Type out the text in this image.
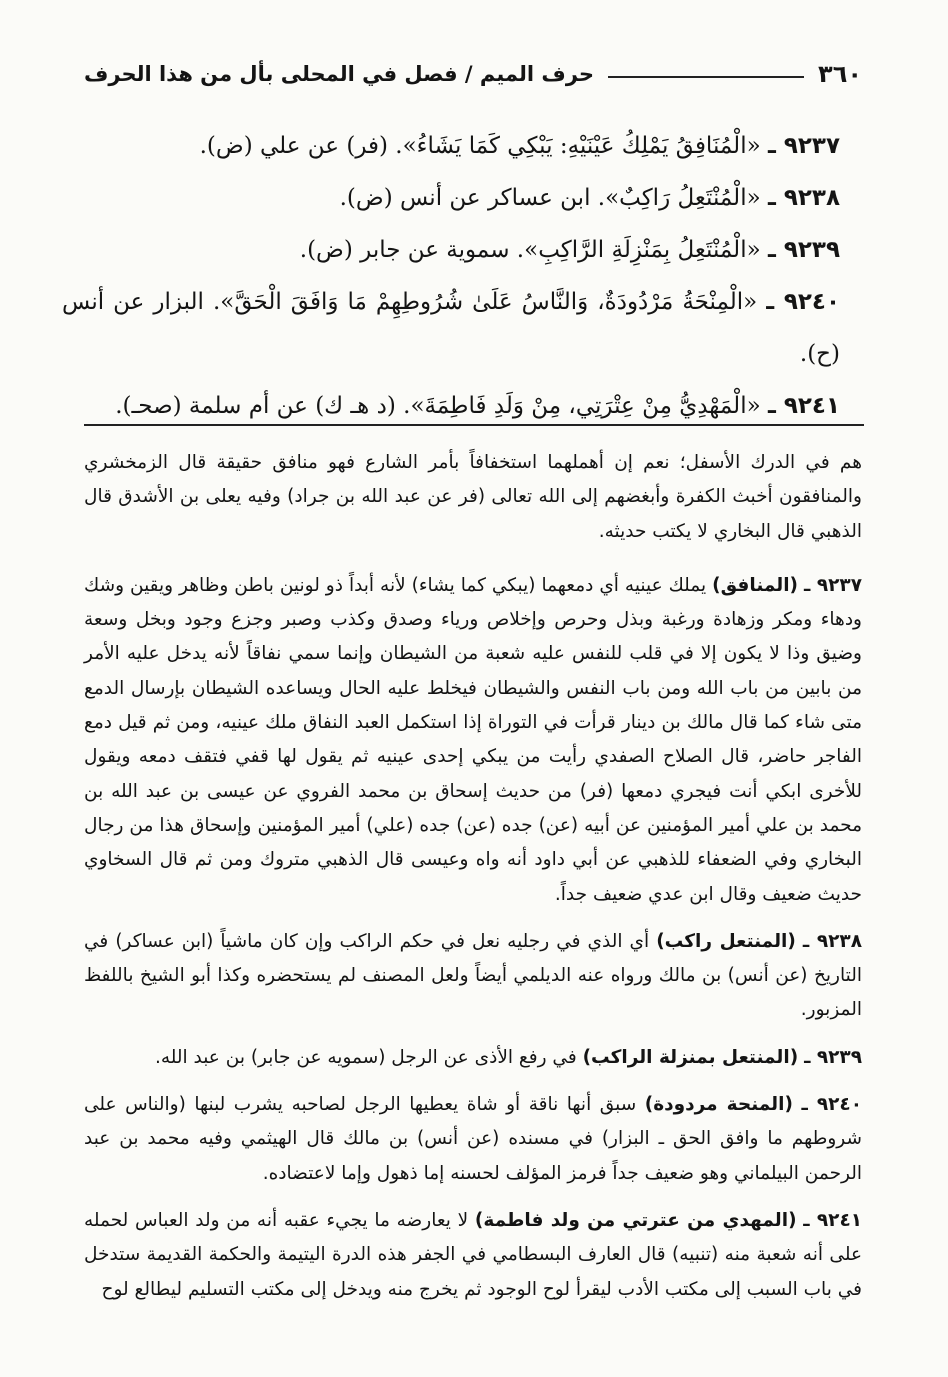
٣٦٠
حرف الميم / فصل في المحلى بأل من هذا الحرف
٩٢٣٧ ـ «الْمُنَافِقُ يَمْلِكُ عَيْنَيْهِ: يَبْكِي كَمَا يَشَاءُ». (فر) عن علي (ض).
٩٢٣٨ ـ «الْمُنْتَعِلُ رَاكِبٌ». ابن عساكر عن أنس (ض).
٩٢٣٩ ـ «الْمُنْتَعِلُ بِمَنْزِلَةِ الرَّاكِبِ». سموية عن جابر (ض).
٩٢٤٠ ـ «الْمِنْحَةُ مَرْدُودَةٌ، وَالنَّاسُ عَلَىٰ شُرُوطِهِمْ مَا وَافَقَ الْحَقَّ». البزار عن أنس (ح).
٩٢٤١ ـ «الْمَهْدِيُّ مِنْ عِتْرَتِي، مِنْ وَلَدِ فَاطِمَةَ». (د هـ ك) عن أم سلمة (صحـ).

هم في الدرك الأسفل؛ نعم إن أهملهما استخفافاً بأمر الشارع فهو منافق حقيقة قال الزمخشري والمنافقون أخبث الكفرة وأبغضهم إلى الله تعالى (فر عن عبد الله بن جراد) وفيه يعلى بن الأشدق قال الذهبي قال البخاري لا يكتب حديثه.

٩٢٣٧ ـ (المنافق) يملك عينيه أي دمعهما (يبكي كما يشاء) لأنه أبداً ذو لونين باطن وظاهر ويقين وشك ودهاء ومكر وزهادة ورغبة وبذل وحرص وإخلاص ورياء وصدق وكذب وصبر وجزع وجود وبخل وسعة وضيق وذا لا يكون إلا في قلب للنفس عليه شعبة من الشيطان وإنما سمي نفاقاً لأنه يدخل عليه الأمر من بابين من باب الله ومن باب النفس والشيطان فيخلط عليه الحال ويساعده الشيطان بإرسال الدمع متى شاء كما قال مالك بن دينار قرأت في التوراة إذا استكمل العبد النفاق ملك عينيه، ومن ثم قيل دمع الفاجر حاضر، قال الصلاح الصفدي رأيت من يبكي إحدى عينيه ثم يقول لها قفي فتقف دمعه ويقول للأخرى ابكي أنت فيجري دمعها (فر) من حديث إسحاق بن محمد الفروي عن عيسى بن عبد الله بن محمد بن علي أمير المؤمنين عن أبيه (عن) جده (عن) جده (علي) أمير المؤمنين وإسحاق هذا من رجال البخاري وفي الضعفاء للذهبي عن أبي داود أنه واه وعيسى قال الذهبي متروك ومن ثم قال السخاوي حديث ضعيف وقال ابن عدي ضعيف جداً.

٩٢٣٨ ـ (المنتعل راكب) أي الذي في رجليه نعل في حكم الراكب وإن كان ماشياً (ابن عساكر) في التاريخ (عن أنس) بن مالك ورواه عنه الديلمي أيضاً ولعل المصنف لم يستحضره وكذا أبو الشيخ باللفظ المزبور.

٩٢٣٩ ـ (المنتعل بمنزلة الراكب) في رفع الأذى عن الرجل (سمويه عن جابر) بن عبد الله.

٩٢٤٠ ـ (المنحة مردودة) سبق أنها ناقة أو شاة يعطيها الرجل لصاحبه يشرب لبنها (والناس على شروطهم ما وافق الحق ـ البزار) في مسنده (عن أنس) بن مالك قال الهيثمي وفيه محمد بن عبد الرحمن البيلماني وهو ضعيف جداً فرمز المؤلف لحسنه إما ذهول وإما لاعتضاده.

٩٢٤١ ـ (المهدي من عترتي من ولد فاطمة) لا يعارضه ما يجيء عقبه أنه من ولد العباس لحمله على أنه شعبة منه (تنبيه) قال العارف البسطامي في الجفر هذه الدرة اليتيمة والحكمة القديمة ستدخل في باب السبب إلى مكتب الأدب ليقرأ لوح الوجود ثم يخرج منه ويدخل إلى مكتب التسليم ليطالع لوح
